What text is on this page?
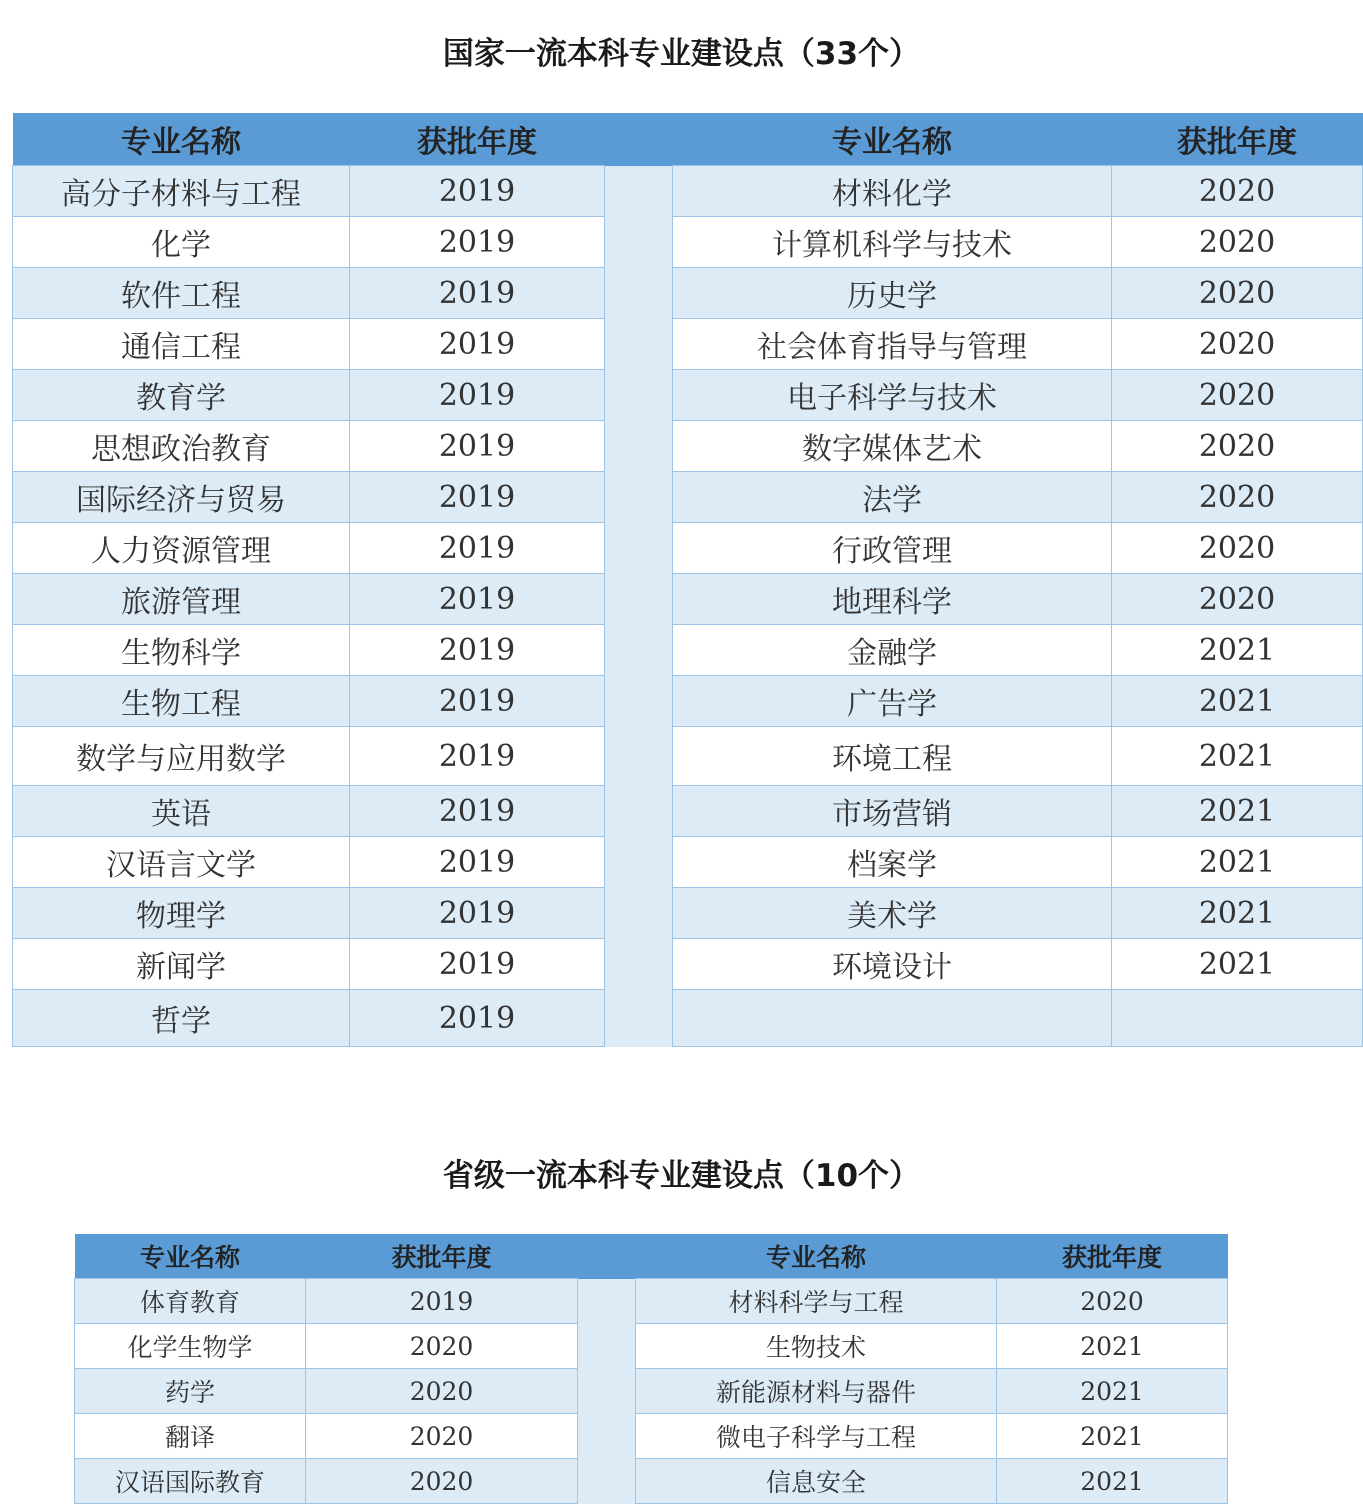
国家一流本科专业建设点（33个）
专业名称	获批年度		专业名称	获批年度
高分子材料与工程	2019		材料化学	2020
化学	2019		计算机科学与技术	2020
软件工程	2019		历史学	2020
通信工程	2019		社会体育指导与管理	2020
教育学	2019		电子科学与技术	2020
思想政治教育	2019		数字媒体艺术	2020
国际经济与贸易	2019		法学	2020
人力资源管理	2019		行政管理	2020
旅游管理	2019		地理科学	2020
生物科学	2019		金融学	2021
生物工程	2019		广告学	2021
数学与应用数学	2019		环境工程	2021
英语	2019		市场营销	2021
汉语言文学	2019		档案学	2021
物理学	2019		美术学	2021
新闻学	2019		环境设计	2021
哲学	2019			
省级一流本科专业建设点（10个）
专业名称	获批年度		专业名称	获批年度
体育教育	2019		材料科学与工程	2020
化学生物学	2020		生物技术	2021
药学	2020		新能源材料与器件	2021
翻译	2020		微电子科学与工程	2021
汉语国际教育	2020		信息安全	2021
